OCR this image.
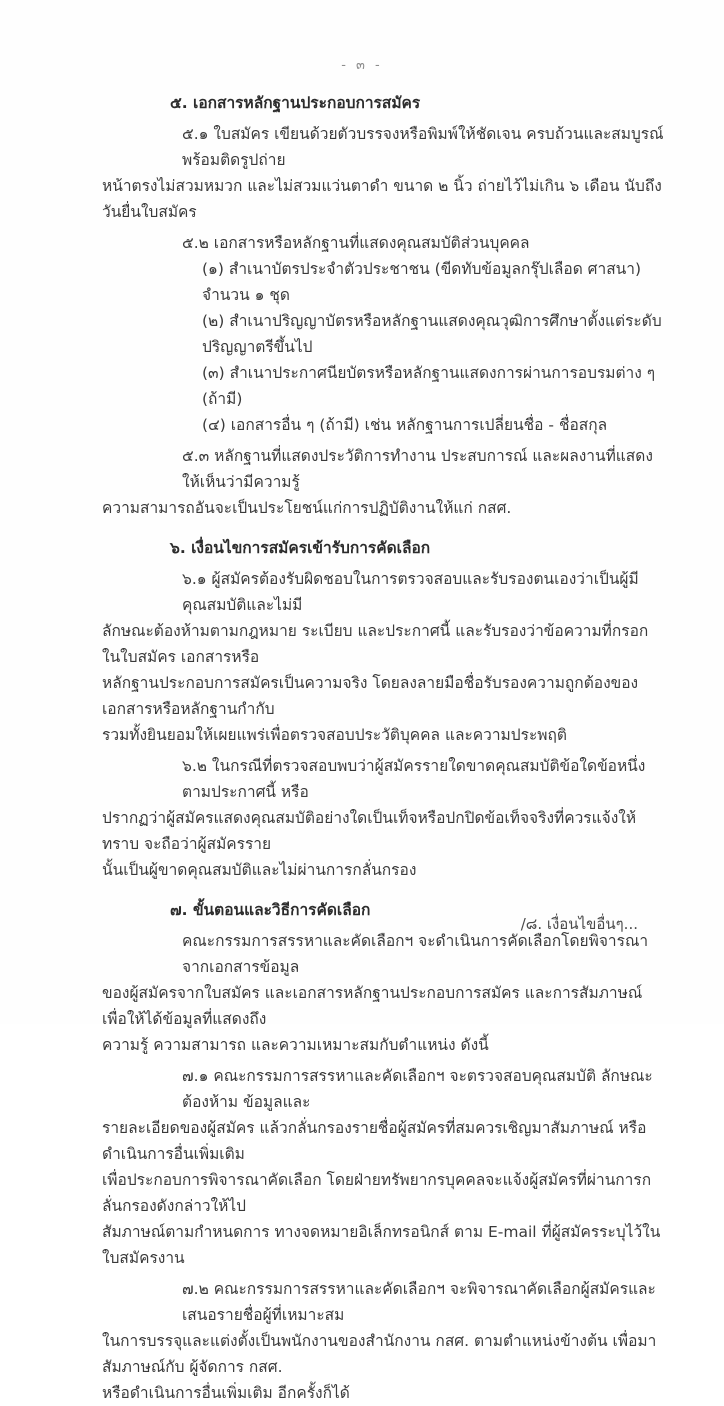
- ๓ -
๕. เอกสารหลักฐานประกอบการสมัคร
๕.๑ ใบสมัคร เขียนด้วยตัวบรรจงหรือพิมพ์ให้ชัดเจน ครบถ้วนและสมบูรณ์ พร้อมติดรูปถ่าย
หน้าตรงไม่สวมหมวก และไม่สวมแว่นตาดำ ขนาด ๒ นิ้ว ถ่ายไว้ไม่เกิน ๖ เดือน นับถึงวันยื่นใบสมัคร
๕.๒ เอกสารหรือหลักฐานที่แสดงคุณสมบัติส่วนบุคคล
(๑) สำเนาบัตรประจำตัวประชาชน (ขีดทับข้อมูลกรุ๊ปเลือด ศาสนา) จำนวน ๑ ชุด
(๒) สำเนาปริญญาบัตรหรือหลักฐานแสดงคุณวุฒิการศึกษาตั้งแต่ระดับปริญญาตรีขึ้นไป
(๓) สำเนาประกาศนียบัตรหรือหลักฐานแสดงการผ่านการอบรมต่าง ๆ (ถ้ามี)
(๔) เอกสารอื่น ๆ (ถ้ามี) เช่น หลักฐานการเปลี่ยนชื่อ - ชื่อสกุล
๕.๓ หลักฐานที่แสดงประวัติการทำงาน ประสบการณ์ และผลงานที่แสดงให้เห็นว่ามีความรู้
ความสามารถอันจะเป็นประโยชน์แก่การปฏิบัติงานให้แก่ กสศ.
๖. เงื่อนไขการสมัครเข้ารับการคัดเลือก
๖.๑ ผู้สมัครต้องรับผิดชอบในการตรวจสอบและรับรองตนเองว่าเป็นผู้มีคุณสมบัติและไม่มี
ลักษณะต้องห้ามตามกฎหมาย ระเบียบ และประกาศนี้ และรับรองว่าข้อความที่กรอกในใบสมัคร เอกสารหรือ
หลักฐานประกอบการสมัครเป็นความจริง โดยลงลายมือชื่อรับรองความถูกต้องของเอกสารหรือหลักฐานกำกับ
รวมทั้งยินยอมให้เผยแพร่เพื่อตรวจสอบประวัติบุคคล และความประพฤติ
๖.๒ ในกรณีที่ตรวจสอบพบว่าผู้สมัครรายใดขาดคุณสมบัติข้อใดข้อหนึ่งตามประกาศนี้ หรือ
ปรากฏว่าผู้สมัครแสดงคุณสมบัติอย่างใดเป็นเท็จหรือปกปิดข้อเท็จจริงที่ควรแจ้งให้ทราบ จะถือว่าผู้สมัครราย
นั้นเป็นผู้ขาดคุณสมบัติและไม่ผ่านการกลั่นกรอง
๗. ขั้นตอนและวิธีการคัดเลือก
คณะกรรมการสรรหาและคัดเลือกฯ จะดำเนินการคัดเลือกโดยพิจารณาจากเอกสารข้อมูล
ของผู้สมัครจากใบสมัคร และเอกสารหลักฐานประกอบการสมัคร และการสัมภาษณ์ เพื่อให้ได้ข้อมูลที่แสดงถึง
ความรู้ ความสามารถ และความเหมาะสมกับตำแหน่ง ดังนี้
๗.๑ คณะกรรมการสรรหาและคัดเลือกฯ จะตรวจสอบคุณสมบัติ ลักษณะต้องห้าม ข้อมูลและ
รายละเอียดของผู้สมัคร แล้วกลั่นกรองรายชื่อผู้สมัครที่สมควรเชิญมาสัมภาษณ์ หรือดำเนินการอื่นเพิ่มเติม
เพื่อประกอบการพิจารณาคัดเลือก โดยฝ่ายทรัพยากรบุคคลจะแจ้งผู้สมัครที่ผ่านการกลั่นกรองดังกล่าวให้ไป
สัมภาษณ์ตามกำหนดการ ทางจดหมายอิเล็กทรอนิกส์ ตาม E-mail ที่ผู้สมัครระบุไว้ในใบสมัครงาน
๗.๒ คณะกรรมการสรรหาและคัดเลือกฯ จะพิจารณาคัดเลือกผู้สมัครและเสนอรายชื่อผู้ที่เหมาะสม
ในการบรรจุและแต่งตั้งเป็นพนักงานของสำนักงาน กสศ. ตามตำแหน่งข้างต้น เพื่อมาสัมภาษณ์กับ ผู้จัดการ กสศ.
หรือดำเนินการอื่นเพิ่มเติม อีกครั้งก็ได้
/๘. เงื่อนไขอื่นๆ...
